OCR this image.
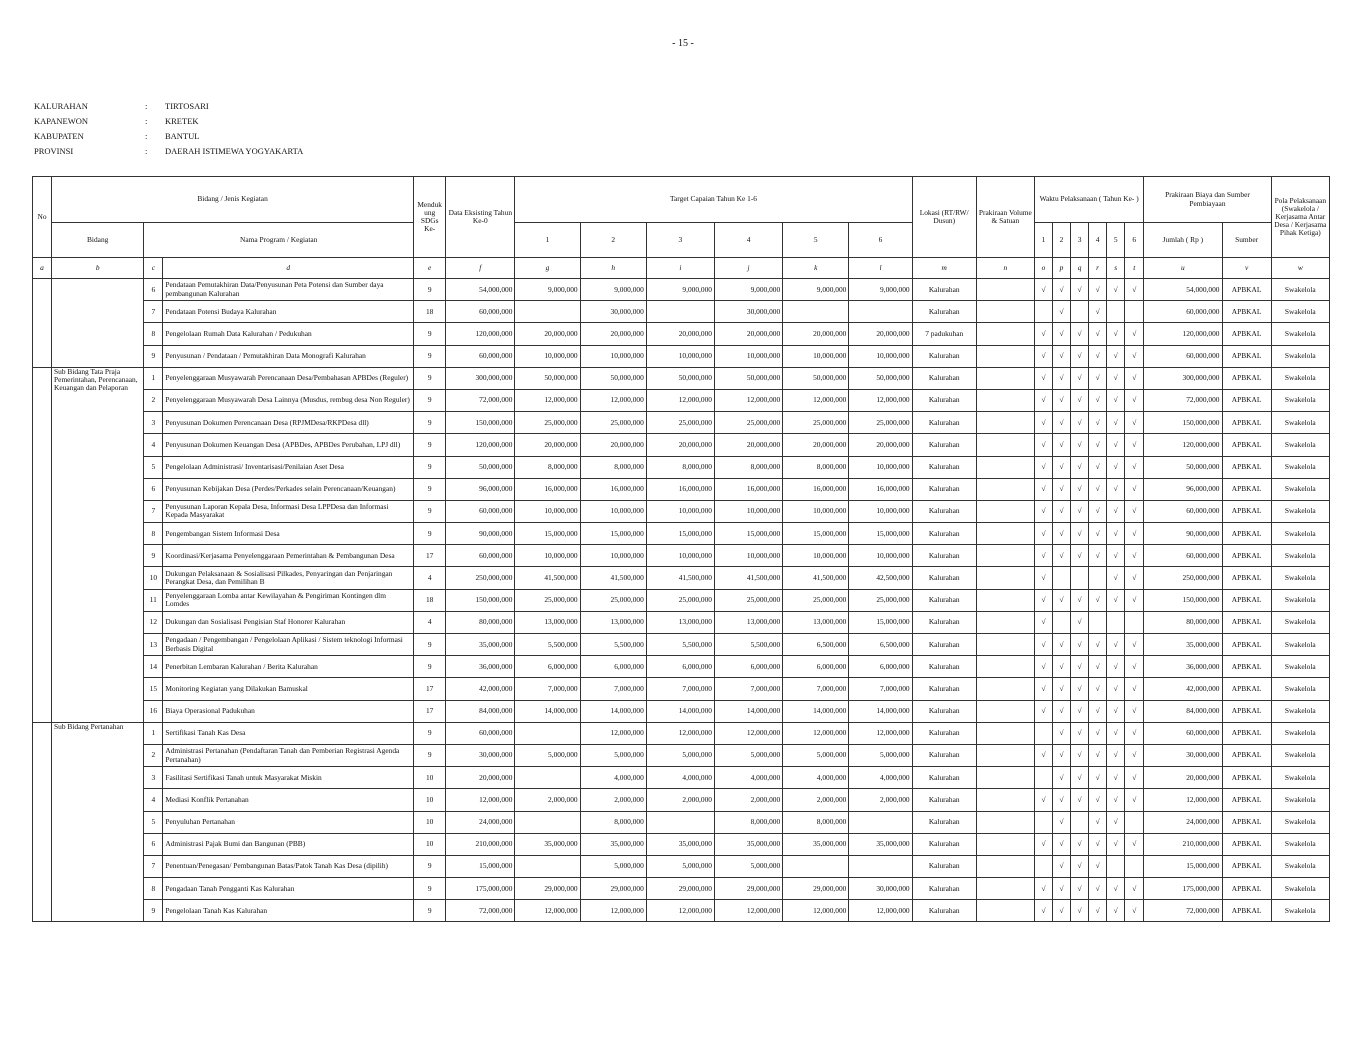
- 15 -
KALURAHAN	:	TIRTOSARI
KAPANEWON	:	KRETEK
KABUPATEN	:	BANTUL
PROVINSI	:	DAERAH ISTIMEWA YOGYAKARTA
No	Bidang / Jenis Kegiatan			Menduk ung SDGs Ke-	Data Eksisting Tahun Ke-0	Target Capaian Tahun Ke 1-6						Lokasi (RT/RW/ Dusun)	Prakiraan Volume & Satuan	Waktu Pelaksanaan ( Tahun Ke- )						Prakiraan Biaya dan Sumber Pembiayaan		Pola Pelaksanaan (Swakelola / Kerjasama Antar Desa / Kerjasama Pihak Ketiga)
	Bidang	Nama Program / Kegiatan				1	2	3	4	5	6			1	2	3	4	5	6	Jumlah ( Rp )	Sumber	
a	b	c	d	e	f	g	h	i	j	k	l	m	n	o	p	q	r	s	t	u	v	w
		6	Pendataan Pemutakhiran Data/Penyusunan Peta Potensi dan Sumber daya pembangunan Kalurahan	9	54,000,000	9,000,000	9,000,000	9,000,000	9,000,000	9,000,000	9,000,000	Kalurahan		√	√	√	√	√	√	54,000,000	APBKAL	Swakelola
		7	Pendataan Potensi Budaya Kalurahan	18	60,000,000		30,000,000		30,000,000			Kalurahan			√		√			60,000,000	APBKAL	Swakelola
		8	Pengelolaan Rumah Data Kalurahan / Pedukuhan	9	120,000,000	20,000,000	20,000,000	20,000,000	20,000,000	20,000,000	20,000,000	7 padukuhan		√	√	√	√	√	√	120,000,000	APBKAL	Swakelola
		9	Penyusunan / Pendataan / Pemutakhiran Data Monografi Kalurahan	9	60,000,000	10,000,000	10,000,000	10,000,000	10,000,000	10,000,000	10,000,000	Kalurahan		√	√	√	√	√	√	60,000,000	APBKAL	Swakelola
	Sub Bidang Tata Praja Pemerintahan, Perencanaan, Keuangan dan Pelaporan	1	Penyelenggaraan Musyawarah Perencanaan Desa/Pembahasan APBDes (Reguler)	9	300,000,000	50,000,000	50,000,000	50,000,000	50,000,000	50,000,000	50,000,000	Kalurahan		√	√	√	√	√	√	300,000,000	APBKAL	Swakelola
		2	Penyelenggaraan Musyawarah Desa Lainnya (Musdus, rembug desa Non Reguler)	9	72,000,000	12,000,000	12,000,000	12,000,000	12,000,000	12,000,000	12,000,000	Kalurahan		√	√	√	√	√	√	72,000,000	APBKAL	Swakelola
		3	Penyusunan Dokumen Perencanaan Desa (RPJMDesa/RKPDesa dll)	9	150,000,000	25,000,000	25,000,000	25,000,000	25,000,000	25,000,000	25,000,000	Kalurahan		√	√	√	√	√	√	150,000,000	APBKAL	Swakelola
		4	Penyusunan Dokumen Keuangan Desa (APBDes, APBDes Perubahan, LPJ dll)	9	120,000,000	20,000,000	20,000,000	20,000,000	20,000,000	20,000,000	20,000,000	Kalurahan		√	√	√	√	√	√	120,000,000	APBKAL	Swakelola
		5	Pengelolaan Administrasi/ Inventarisasi/Penilaian Aset Desa	9	50,000,000	8,000,000	8,000,000	8,000,000	8,000,000	8,000,000	10,000,000	Kalurahan		√	√	√	√	√	√	50,000,000	APBKAL	Swakelola
		6	Penyusunan Kebijakan Desa (Perdes/Perkades selain Perencanaan/Keuangan)	9	96,000,000	16,000,000	16,000,000	16,000,000	16,000,000	16,000,000	16,000,000	Kalurahan		√	√	√	√	√	√	96,000,000	APBKAL	Swakelola
		7	Penyusunan Laporan Kepala Desa, Informasi Desa LPPDesa dan Informasi Kepada Masyarakat	9	60,000,000	10,000,000	10,000,000	10,000,000	10,000,000	10,000,000	10,000,000	Kalurahan		√	√	√	√	√	√	60,000,000	APBKAL	Swakelola
		8	Pengembangan Sistem Informasi Desa	9	90,000,000	15,000,000	15,000,000	15,000,000	15,000,000	15,000,000	15,000,000	Kalurahan		√	√	√	√	√	√	90,000,000	APBKAL	Swakelola
		9	Koordinasi/Kerjasama Penyelenggaraan Pemerintahan & Pembangunan Desa	17	60,000,000	10,000,000	10,000,000	10,000,000	10,000,000	10,000,000	10,000,000	Kalurahan		√	√	√	√	√	√	60,000,000	APBKAL	Swakelola
		10	Dukungan Pelaksanaan & Sosialisasi Pilkades, Penyaringan dan Penjaringan Perangkat Desa, dan Pemilihan B	4	250,000,000	41,500,000	41,500,000	41,500,000	41,500,000	41,500,000	42,500,000	Kalurahan		√				√	√	250,000,000	APBKAL	Swakelola
		11	Penyelenggaraan Lomba antar Kewilayahan & Pengiriman Kontingen dlm Lomdes	18	150,000,000	25,000,000	25,000,000	25,000,000	25,000,000	25,000,000	25,000,000	Kalurahan		√	√	√	√	√	√	150,000,000	APBKAL	Swakelola
		12	Dukungan dan Sosialisasi Pengisian Staf Honorer Kalurahan	4	80,000,000	13,000,000	13,000,000	13,000,000	13,000,000	13,000,000	15,000,000	Kalurahan		√		√				80,000,000	APBKAL	Swakelola
		13	Pengadaan / Pengembangan / Pengelolaan Aplikasi / Sistem teknologi Informasi Berbasis Digital	9	35,000,000	5,500,000	5,500,000	5,500,000	5,500,000	6,500,000	6,500,000	Kalurahan		√	√	√	√	√	√	35,000,000	APBKAL	Swakelola
		14	Penerbitan Lembaran Kalurahan / Berita Kalurahan	9	36,000,000	6,000,000	6,000,000	6,000,000	6,000,000	6,000,000	6,000,000	Kalurahan		√	√	√	√	√	√	36,000,000	APBKAL	Swakelola
		15	Monitoring Kegiatan yang Dilakukan Bamuskal	17	42,000,000	7,000,000	7,000,000	7,000,000	7,000,000	7,000,000	7,000,000	Kalurahan		√	√	√	√	√	√	42,000,000	APBKAL	Swakelola
		16	Biaya Operasional Padukuhan	17	84,000,000	14,000,000	14,000,000	14,000,000	14,000,000	14,000,000	14,000,000	Kalurahan		√	√	√	√	√	√	84,000,000	APBKAL	Swakelola
	Sub Bidang Pertanahan	1	Sertifikasi Tanah Kas Desa	9	60,000,000		12,000,000	12,000,000	12,000,000	12,000,000	12,000,000	Kalurahan			√	√	√	√	√	60,000,000	APBKAL	Swakelola
		2	Administrasi Pertanahan (Pendaftaran Tanah dan Pemberian Registrasi Agenda Pertanahan)	9	30,000,000	5,000,000	5,000,000	5,000,000	5,000,000	5,000,000	5,000,000	Kalurahan		√	√	√	√	√	√	30,000,000	APBKAL	Swakelola
		3	Fasilitasi Sertifikasi Tanah untuk Masyarakat Miskin	10	20,000,000		4,000,000	4,000,000	4,000,000	4,000,000	4,000,000	Kalurahan			√	√	√	√	√	20,000,000	APBKAL	Swakelola
		4	Mediasi Konflik Pertanahan	10	12,000,000	2,000,000	2,000,000	2,000,000	2,000,000	2,000,000	2,000,000	Kalurahan		√	√	√	√	√	√	12,000,000	APBKAL	Swakelola
		5	Penyuluhan Pertanahan	10	24,000,000		8,000,000		8,000,000	8,000,000		Kalurahan			√		√	√		24,000,000	APBKAL	Swakelola
		6	Administrasi Pajak Bumi dan Bangunan (PBB)	10	210,000,000	35,000,000	35,000,000	35,000,000	35,000,000	35,000,000	35,000,000	Kalurahan		√	√	√	√	√	√	210,000,000	APBKAL	Swakelola
		7	Penentuan/Penegasan/ Pembangunan Batas/Patok Tanah Kas Desa (dipilih)	9	15,000,000		5,000,000	5,000,000	5,000,000			Kalurahan			√	√	√			15,000,000	APBKAL	Swakelola
		8	Pengadaan Tanah Pengganti Kas Kalurahan	9	175,000,000	29,000,000	29,000,000	29,000,000	29,000,000	29,000,000	30,000,000	Kalurahan		√	√	√	√	√	√	175,000,000	APBKAL	Swakelola
		9	Pengelolaan Tanah Kas Kalurahan	9	72,000,000	12,000,000	12,000,000	12,000,000	12,000,000	12,000,000	12,000,000	Kalurahan		√	√	√	√	√	√	72,000,000	APBKAL	Swakelola
